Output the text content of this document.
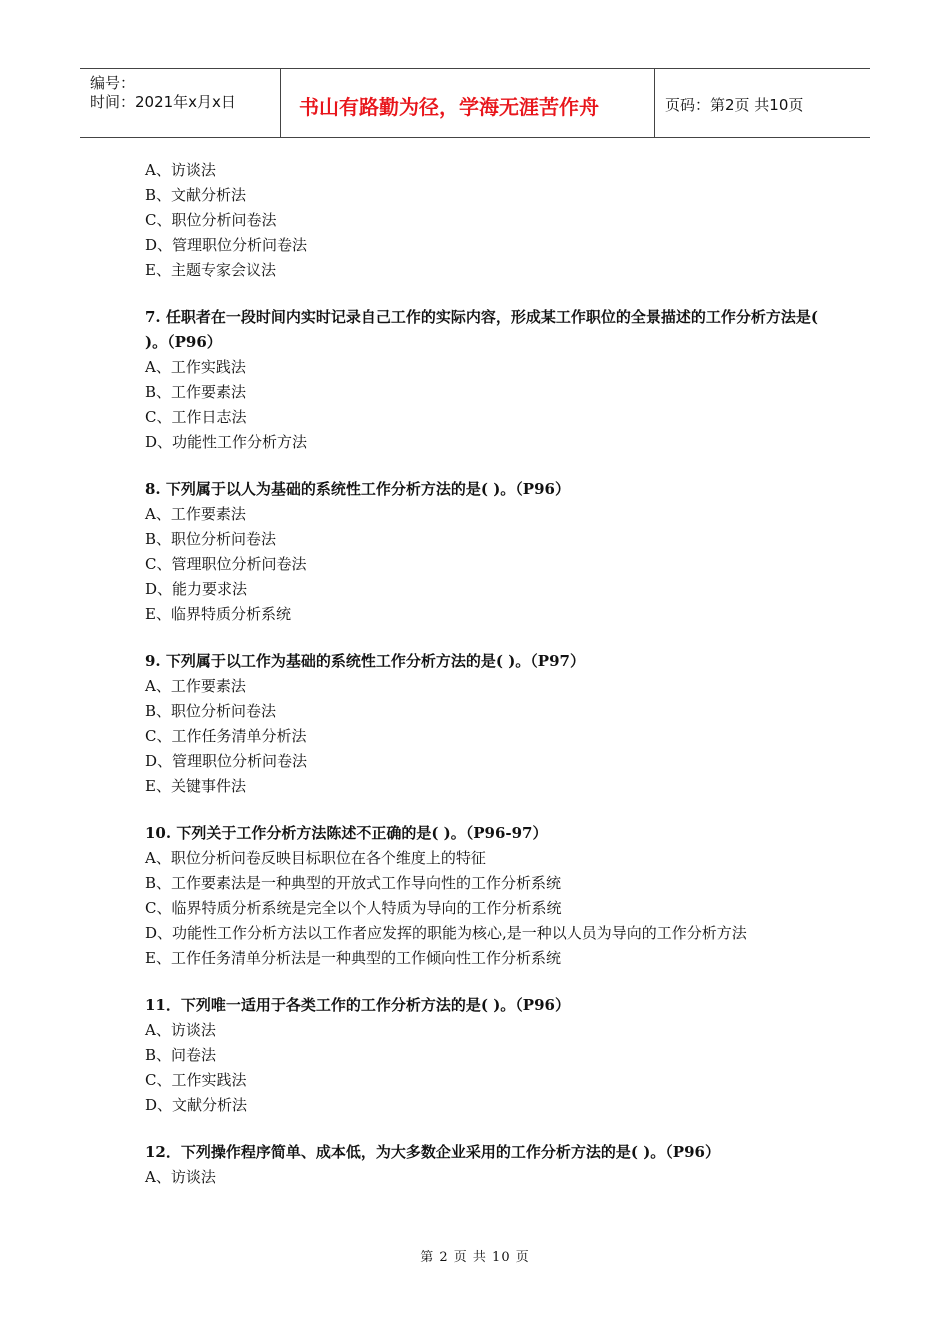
编号：
时间：2021年x月x日	书山有路勤为径，学海无涯苦作舟	页码：第2页 共10页
A、访谈法
B、文献分析法
C、职位分析问卷法
D、管理职位分析问卷法
E、主题专家会议法
7. 任职者在一段时间内实时记录自己工作的实际内容，形成某工作职位的全景描述的工作分析方法是( )。（P96）
A、工作实践法
B、工作要素法
C、工作日志法
D、功能性工作分析方法
8. 下列属于以人为基础的系统性工作分析方法的是( )。（P96）
A、工作要素法
B、职位分析问卷法
C、管理职位分析问卷法
D、能力要求法
E、临界特质分析系统
9. 下列属于以工作为基础的系统性工作分析方法的是( )。（P97）
A、工作要素法
B、职位分析问卷法
C、工作任务清单分析法
D、管理职位分析问卷法
E、关键事件法
10. 下列关于工作分析方法陈述不正确的是( )。（P96-97）
A、职位分析问卷反映目标职位在各个维度上的特征
B、工作要素法是一种典型的开放式工作导向性的工作分析系统
C、临界特质分析系统是完全以个人特质为导向的工作分析系统
D、功能性工作分析方法以工作者应发挥的职能为核心,是一种以人员为导向的工作分析方法
E、工作任务清单分析法是一种典型的工作倾向性工作分析系统
11．下列唯一适用于各类工作的工作分析方法的是( )。（P96）
A、访谈法
B、问卷法
C、工作实践法
D、文献分析法
12．下列操作程序简单、成本低，为大多数企业采用的工作分析方法的是( )。（P96）
A、访谈法
第 2 页 共 10 页
